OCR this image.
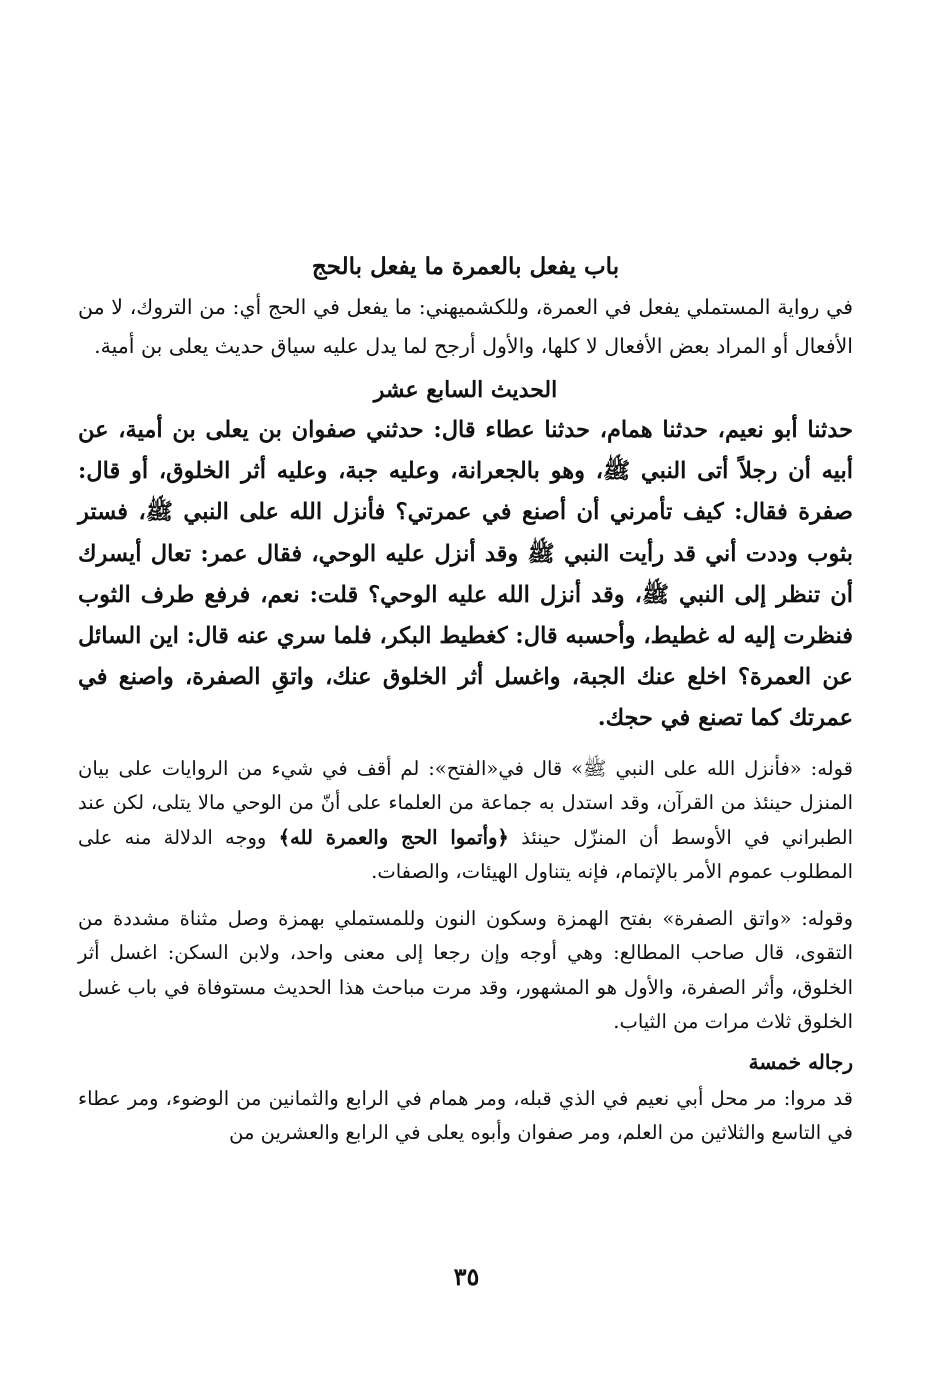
باب يفعل بالعمرة ما يفعل بالحج

في رواية المستملي يفعل في العمرة، وللكشميهني: ما يفعل في الحج أي: من التروك، لا من الأفعال أو المراد بعض الأفعال لا كلها، والأول أرجح لما يدل عليه سياق حديث يعلى بن أمية.

الحديث السابع عشر

حدثنا أبو نعيم، حدثنا همام، حدثنا عطاء قال: حدثني صفوان بن يعلى بن أمية، عن أبيه أن رجلاً أتى النبي ﷺ، وهو بالجعرانة، وعليه جبة، وعليه أثر الخلوق، أو قال: صفرة فقال: كيف تأمرني أن أصنع في عمرتي؟ فأنزل الله على النبي ﷺ، فستر بثوب وددت أني قد رأيت النبي ﷺ وقد أنزل عليه الوحي، فقال عمر: تعال أيسرك أن تنظر إلى النبي ﷺ، وقد أنزل الله عليه الوحي؟ قلت: نعم، فرفع طرف الثوب فنظرت إليه له غطيط، وأحسبه قال: كغطيط البكر، فلما سري عنه قال: اين السائل عن العمرة؟ اخلع عنك الجبة، واغسل أثر الخلوق عنك، واتقِ الصفرة، واصنع في عمرتك كما تصنع في حجك.

قوله: «فأنزل الله على النبي ﷺ» قال في«الفتح»: لم أقف في شيء من الروايات على بيان المنزل حينئذ من القرآن، وقد استدل به جماعة من العلماء على أنّ من الوحي مالا يتلى، لكن عند الطبراني في الأوسط أن المنزّل حينئذ ﴿وأتموا الحج والعمرة لله﴾ ووجه الدلالة منه على المطلوب عموم الأمر بالإتمام، فإنه يتناول الهيئات، والصفات.

وقوله: «واتق الصفرة» بفتح الهمزة وسكون النون وللمستملي بهمزة وصل مثناة مشددة من التقوى، قال صاحب المطالع: وهي أوجه وإن رجعا إلى معنى واحد، ولابن السكن: اغسل أثر الخلوق، وأثر الصفرة، والأول هو المشهور، وقد مرت مباحث هذا الحديث مستوفاة في باب غسل الخلوق ثلاث مرات من الثياب.

رجاله خمسة

قد مروا: مر محل أبي نعيم في الذي قبله، ومر همام في الرابع والثمانين من الوضوء، ومر عطاء في التاسع والثلاثين من العلم، ومر صفوان وأبوه يعلى في الرابع والعشرين من

٣٥
